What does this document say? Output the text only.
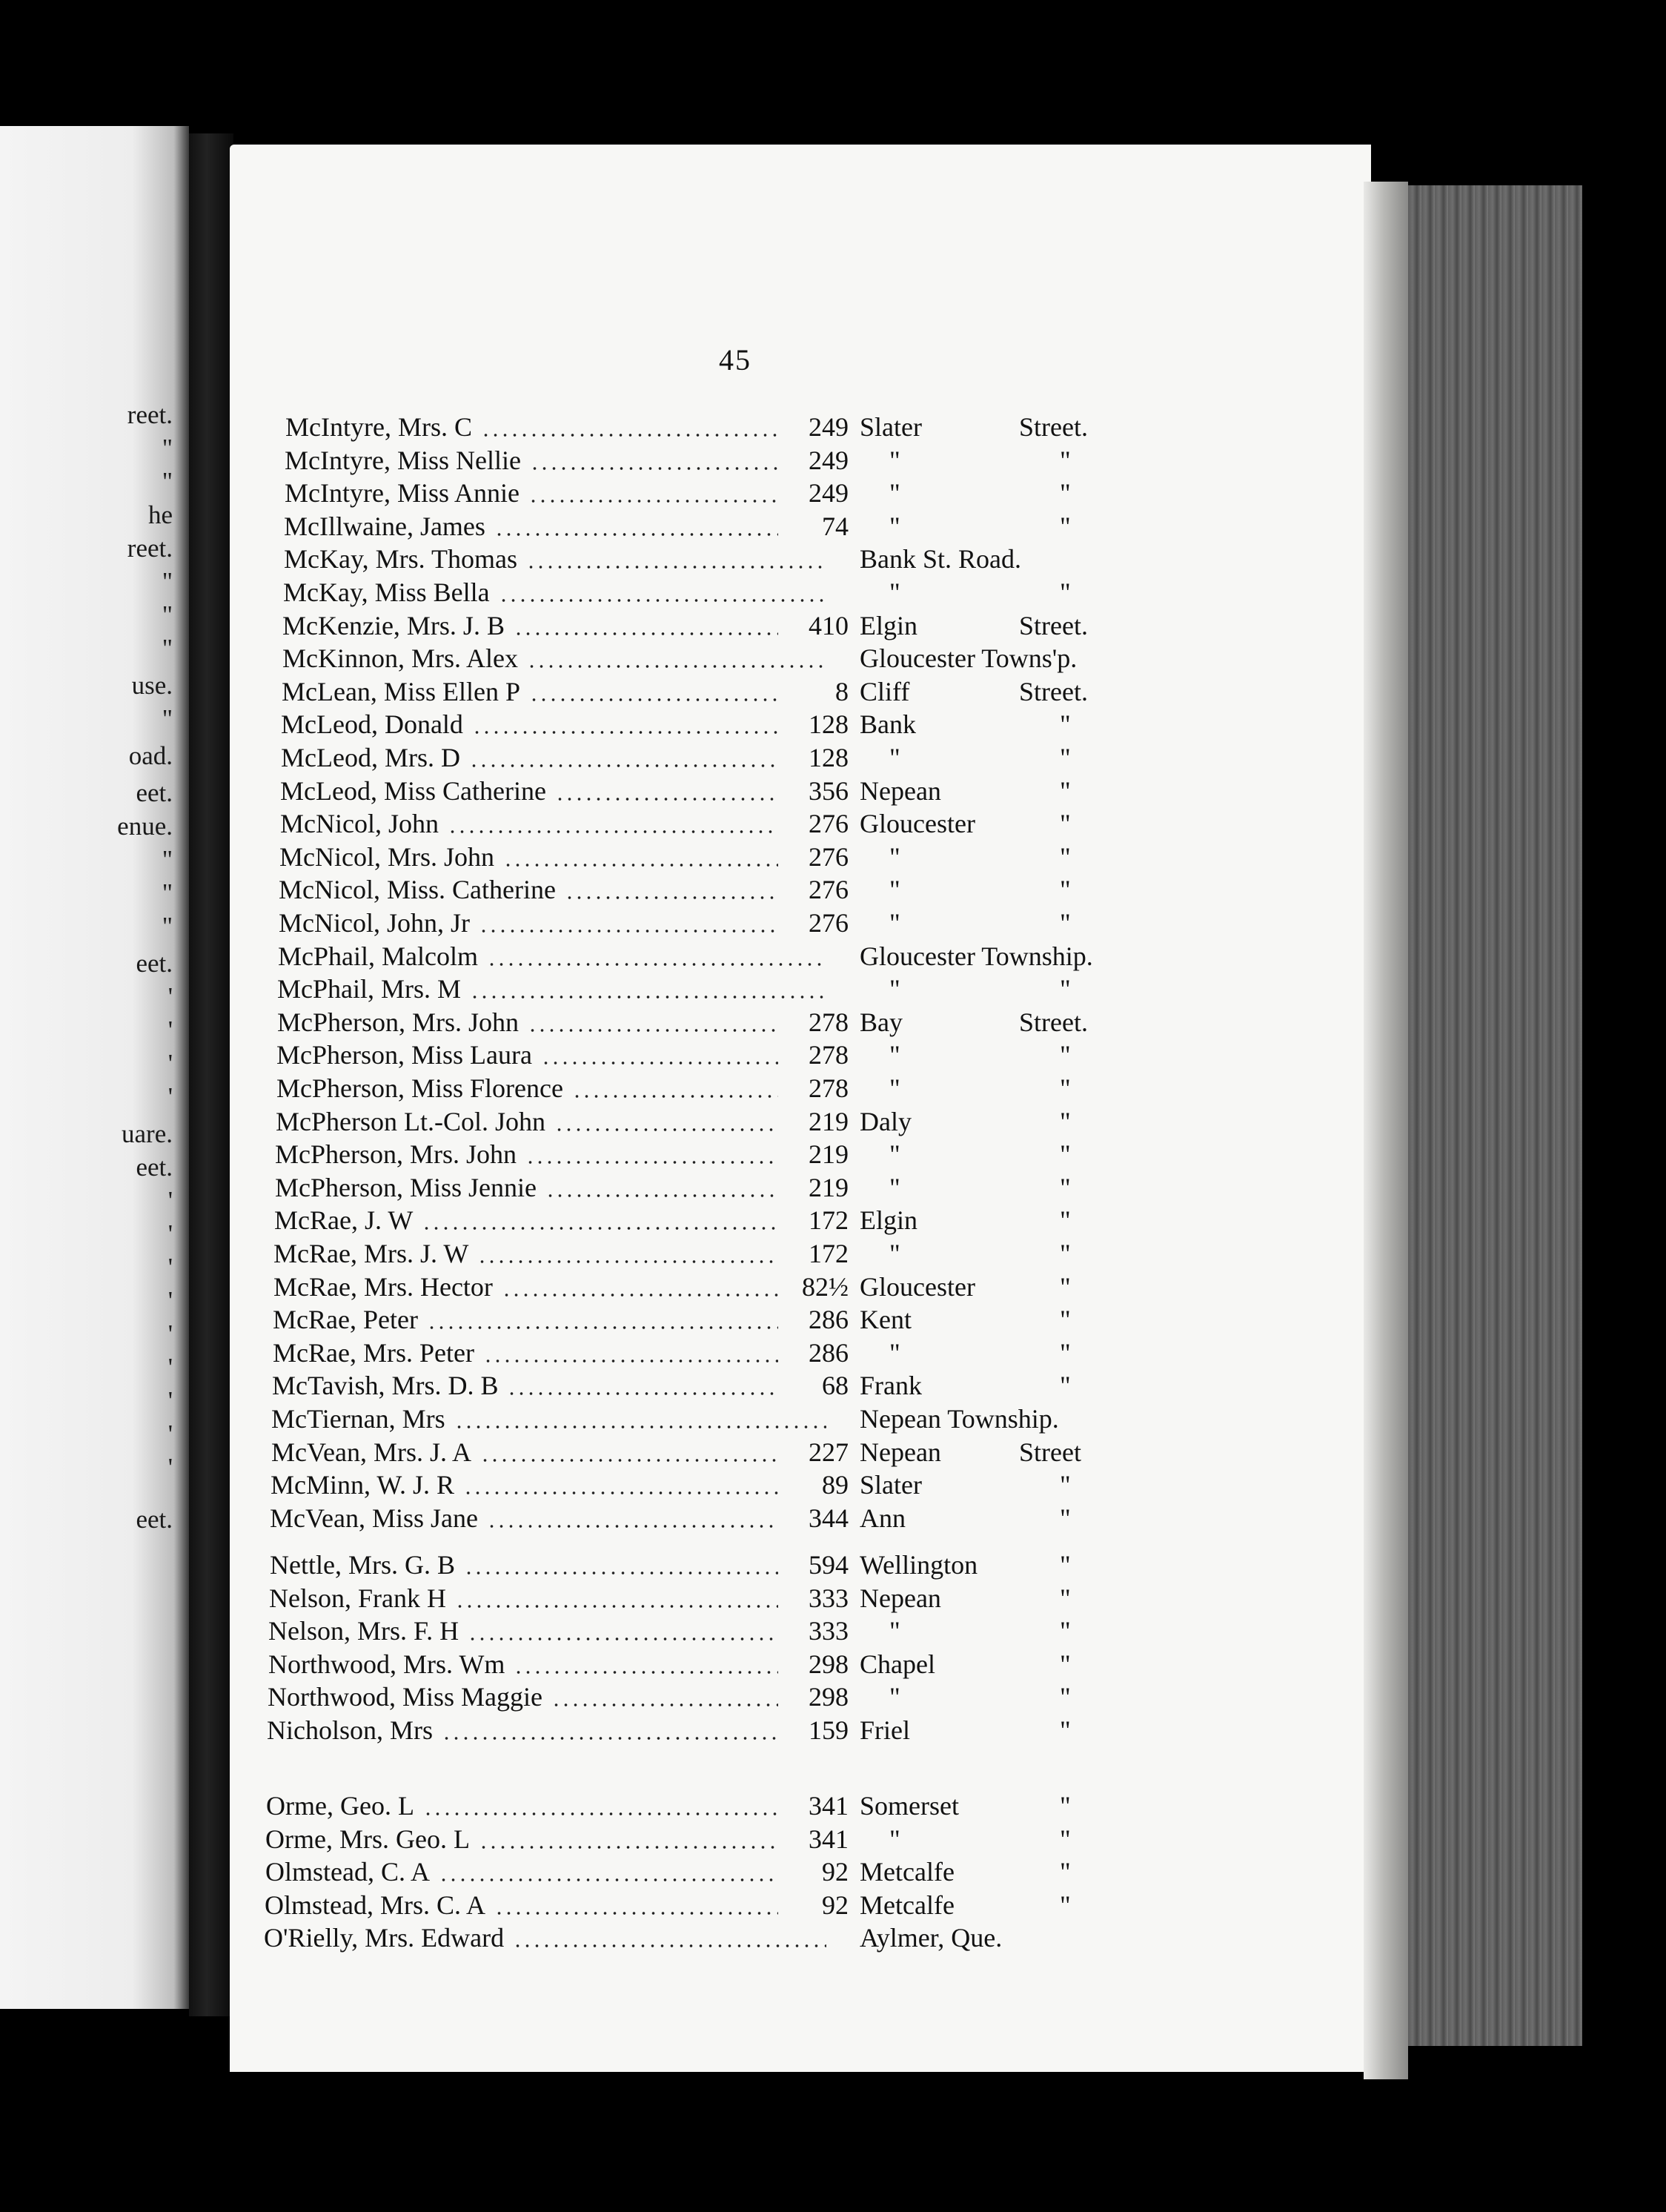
reet.
"
"
he
reet.
"
"
"
use.
"
oad.
eet.
enue.
"
"
"
eet.
'
'
'
'
uare.
eet.
'
'
'
'
'
'
'
'
'
eet.
45
McIntyre, Mrs. C	249 Slater	Street.
McIntyre, Miss Nellie	249 "	"
McIntyre, Miss Annie	249 "	"
McIllwaine, James	74 "	"
McKay, Mrs. Thomas	Bank St. Road.
McKay, Miss Bella	"	"
McKenzie, Mrs. J. B	410 Elgin	Street.
McKinnon, Mrs. Alex	Gloucester Towns'p.
McLean, Miss Ellen P	8 Cliff	Street.
McLeod, Donald	128 Bank	"
McLeod, Mrs. D	128 "	"
McLeod, Miss Catherine	356 Nepean	"
McNicol, John	276 Gloucester	"
McNicol, Mrs. John	276 "	"
McNicol, Miss. Catherine	276 "	"
McNicol, John, Jr	276 "	"
McPhail, Malcolm	Gloucester Township.
McPhail, Mrs. M	"	"
McPherson, Mrs. John	278 Bay	Street.
McPherson, Miss Laura	278 "	"
McPherson, Miss Florence	278 "	"
McPherson Lt.-Col. John	219 Daly	"
McPherson, Mrs. John	219 "	"
McPherson, Miss Jennie	219 "	"
McRae, J. W	172 Elgin	"
McRae, Mrs. J. W	172 "	"
McRae, Mrs. Hector	82½ Gloucester	"
McRae, Peter	286 Kent	"
McRae, Mrs. Peter	286 "	"
McTavish, Mrs. D. B	68 Frank	"
McTiernan, Mrs	Nepean Township.
McVean, Mrs. J. A	227 Nepean	Street
McMinn, W. J. R	89 Slater	"
McVean, Miss Jane	344 Ann	"
Nettle, Mrs. G. B	594 Wellington	"
Nelson, Frank H	333 Nepean	"
Nelson, Mrs. F. H	333 "	"
Northwood, Mrs. Wm	298 Chapel	"
Northwood, Miss Maggie	298 "	"
Nicholson, Mrs	159 Friel	"
Orme, Geo. L	341 Somerset	"
Orme, Mrs. Geo. L	341 "	"
Olmstead, C. A	92 Metcalfe	"
Olmstead, Mrs. C. A	92 Metcalfe	"
O'Rielly, Mrs. Edward	Aylmer, Que.
